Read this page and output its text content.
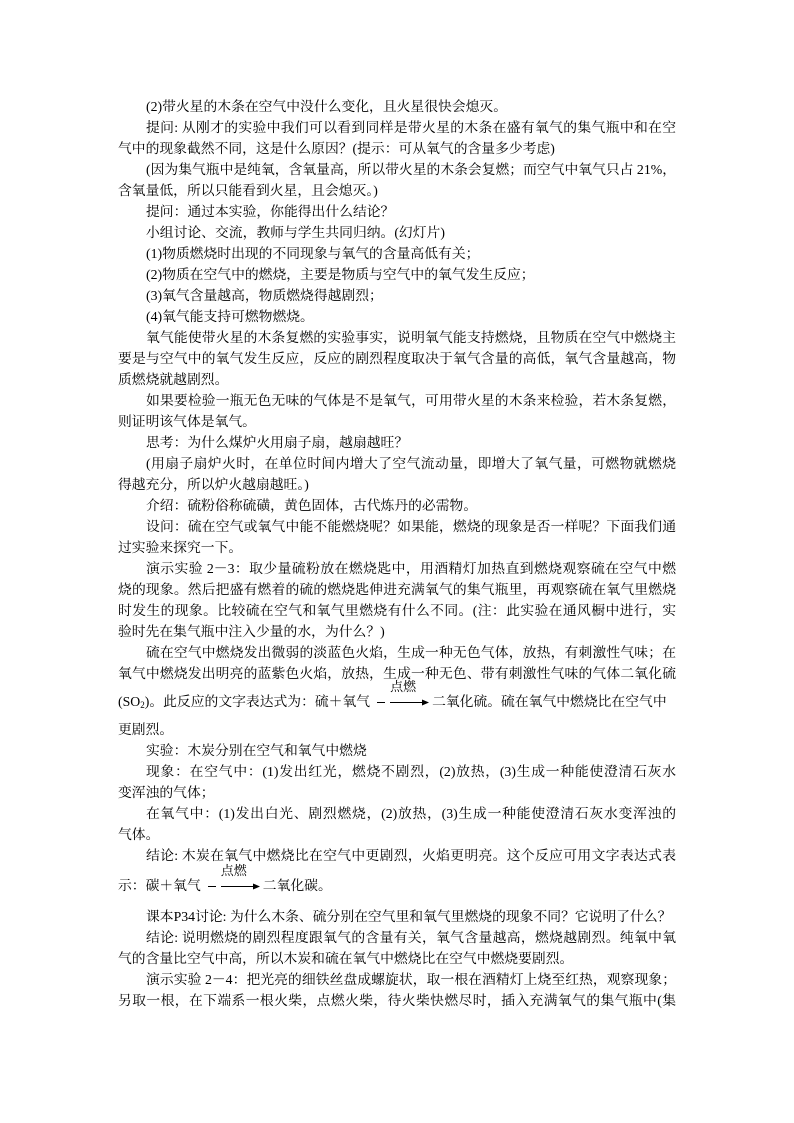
(2)带火星的木条在空气中没什么变化，且火星很快会熄灭。
提问: 从刚才的实验中我们可以看到同样是带火星的木条在盛有氧气的集气瓶中和在空
气中的现象截然不同，这是什么原因？(提示：可从氧气的含量多少考虑)
(因为集气瓶中是纯氧，含氧量高，所以带火星的木条会复燃；而空气中氧气只占 21%，
含氧量低，所以只能看到火星，且会熄灭。)
提问：通过本实验，你能得出什么结论？
小组讨论、交流，教师与学生共同归纳。(幻灯片)
(1)物质燃烧时出现的不同现象与氧气的含量高低有关；
(2)物质在空气中的燃烧，主要是物质与空气中的氧气发生反应；
(3)氧气含量越高，物质燃烧得越剧烈；
(4)氧气能支持可燃物燃烧。
氧气能使带火星的木条复燃的实验事实，说明氧气能支持燃烧，且物质在空气中燃烧主
要是与空气中的氧气发生反应，反应的剧烈程度取决于氧气含量的高低，氧气含量越高，物
质燃烧就越剧烈。
如果要检验一瓶无色无味的气体是不是氧气，可用带火星的木条来检验，若木条复燃，
则证明该气体是氧气。
思考：为什么煤炉火用扇子扇，越扇越旺？
(用扇子扇炉火时，在单位时间内增大了空气流动量，即增大了氧气量，可燃物就燃烧
得越充分，所以炉火越扇越旺。)
介绍：硫粉俗称硫磺，黄色固体，古代炼丹的必需物。
设问：硫在空气或氧气中能不能燃烧呢？如果能，燃烧的现象是否一样呢？下面我们通
过实验来探究一下。
演示实验 2－3：取少量硫粉放在燃烧匙中，用酒精灯加热直到燃烧观察硫在空气中燃
烧的现象。然后把盛有燃着的硫的燃烧匙伸进充满氧气的集气瓶里，再观察硫在氧气里燃烧
时发生的现象。比较硫在空气和氧气里燃烧有什么不同。(注：此实验在通风橱中进行，实
验时先在集气瓶中注入少量的水，为什么？)
硫在空气中燃烧发出微弱的淡蓝色火焰，生成一种无色气体，放热，有刺激性气味；在
氧气中燃烧发出明亮的蓝紫色火焰，放热，生成一种无色、带有刺激性气味的气体二氧化硫
$(SO_2)$。此反应的文字表达式为：硫＋氧气
点燃
二氧化硫。硫在氧气中燃烧比在空气中
更剧烈。
实验：木炭分别在空气和氧气中燃烧
现象：在空气中：(1)发出红光，燃烧不剧烈，(2)放热，(3)生成一种能使澄清石灰水
变浑浊的气体；
在氧气中：(1)发出白光、剧烈燃烧，(2)放热，(3)生成一种能使澄清石灰水变浑浊的
气体。
结论: 木炭在氧气中燃烧比在空气中更剧烈，火焰更明亮。这个反应可用文字表达式表
示：碳＋氧气
点燃
二氧化碳。
课本P34讨论: 为什么木条、硫分别在空气里和氧气里燃烧的现象不同？它说明了什么？
结论: 说明燃烧的剧烈程度跟氧气的含量有关，氧气含量越高，燃烧越剧烈。纯氧中氧
气的含量比空气中高，所以木炭和硫在氧气中燃烧比在空气中燃烧要剧烈。
演示实验 2－4：把光亮的细铁丝盘成螺旋状，取一根在酒精灯上烧至红热，观察现象；
另取一根，在下端系一根火柴，点燃火柴，待火柴快燃尽时，插入充满氧气的集气瓶中(集
